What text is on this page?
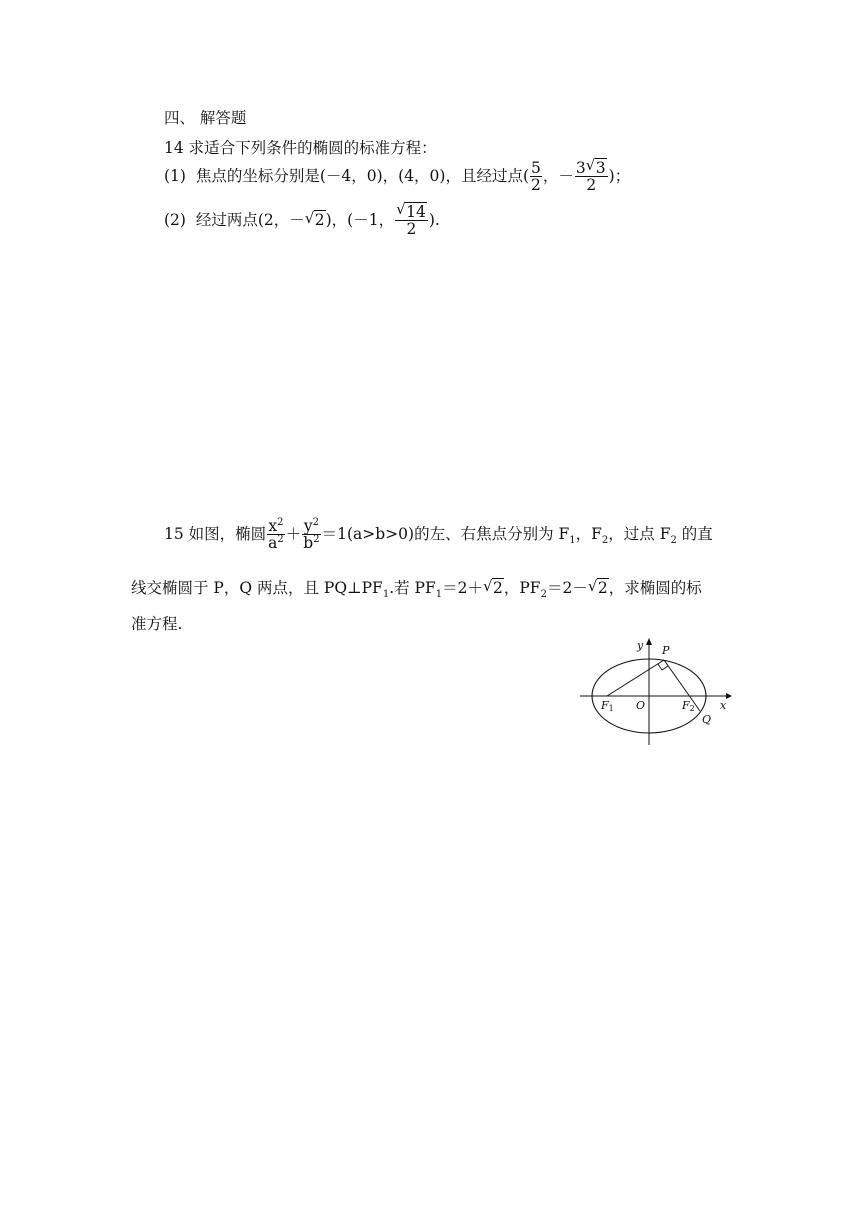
四、 解答题
14 求适合下列条件的椭圆的标准方程：
(1) 焦点的坐标分别是(－4，0)，(4，0)，且经过点( $\frac{5}{2}$ ，－ $\frac{3√ 3}{2}$ )；
(2) 经过两点(2，－√ 2)，(－1，
√ $\frac{14}{2}$ ).
15 如图，椭圆 $\frac{x^2}{a^2} + \frac{y^2}{b^2} =1(a>b>0)$的左、右焦点分别为 $F_1$，$F_2$，过点 $F_2$ 的直
线交椭圆于 P，Q 两点，且 $PQ\perp PF_1$.若 $PF_1=2+√$ 2，$PF_2=2-√$ 2，求椭圆的标
准方程.
y P
x
O
F1	F2
Q
